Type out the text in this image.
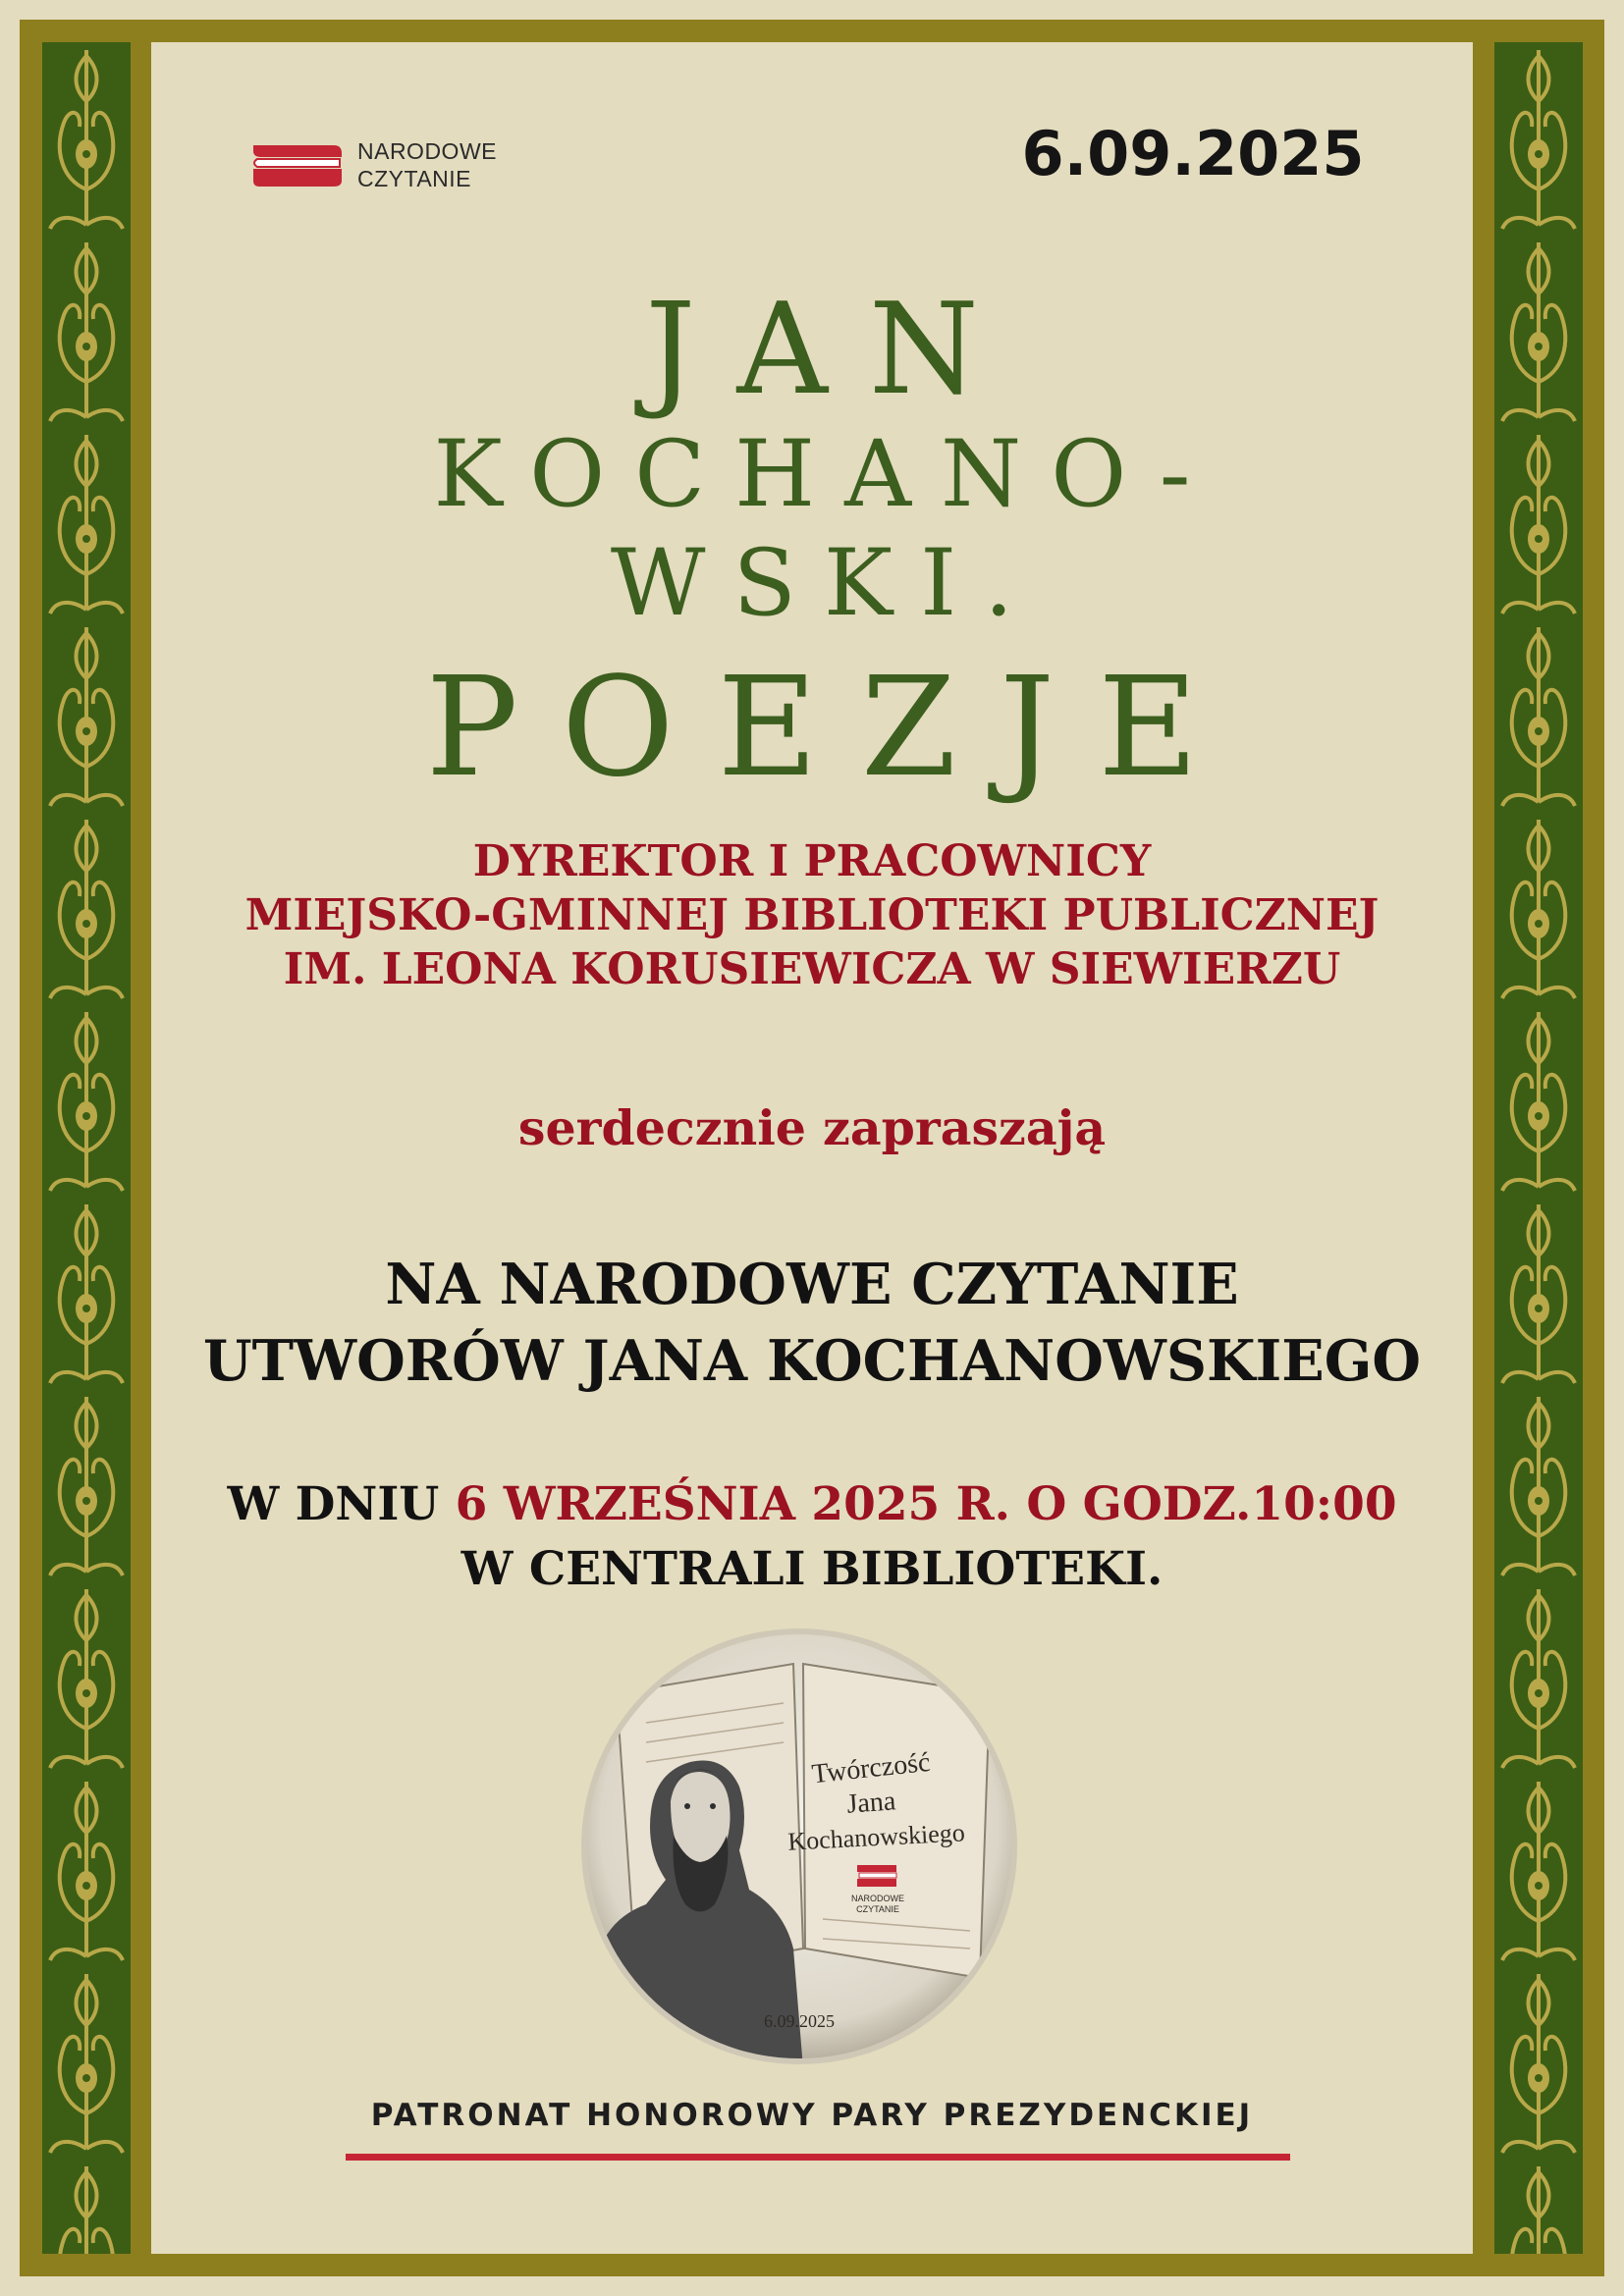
NARODOWE
CZYTANIE	6.09.2025
JAN
KOCHANO-
WSKI.
POEZJE
DYREKTOR I PRACOWNICY
MIEJSKO-GMINNEJ BIBLIOTEKI PUBLICZNEJ
IM. LEONA KORUSIEWICZA W SIEWIERZU
serdecznie zapraszają
NA NARODOWE CZYTANIE
UTWORÓW JANA KOCHANOWSKIEGO
W DNIU 6 WRZEŚNIA 2025 R. O GODZ.10:00
W CENTRALI BIBLIOTEKI.
Twórczość
Jana
Kochanowskiego
NARODOWE
CZYTANIE
6.09.2025
PATRONAT HONOROWY PARY PREZYDENCKIEJ
